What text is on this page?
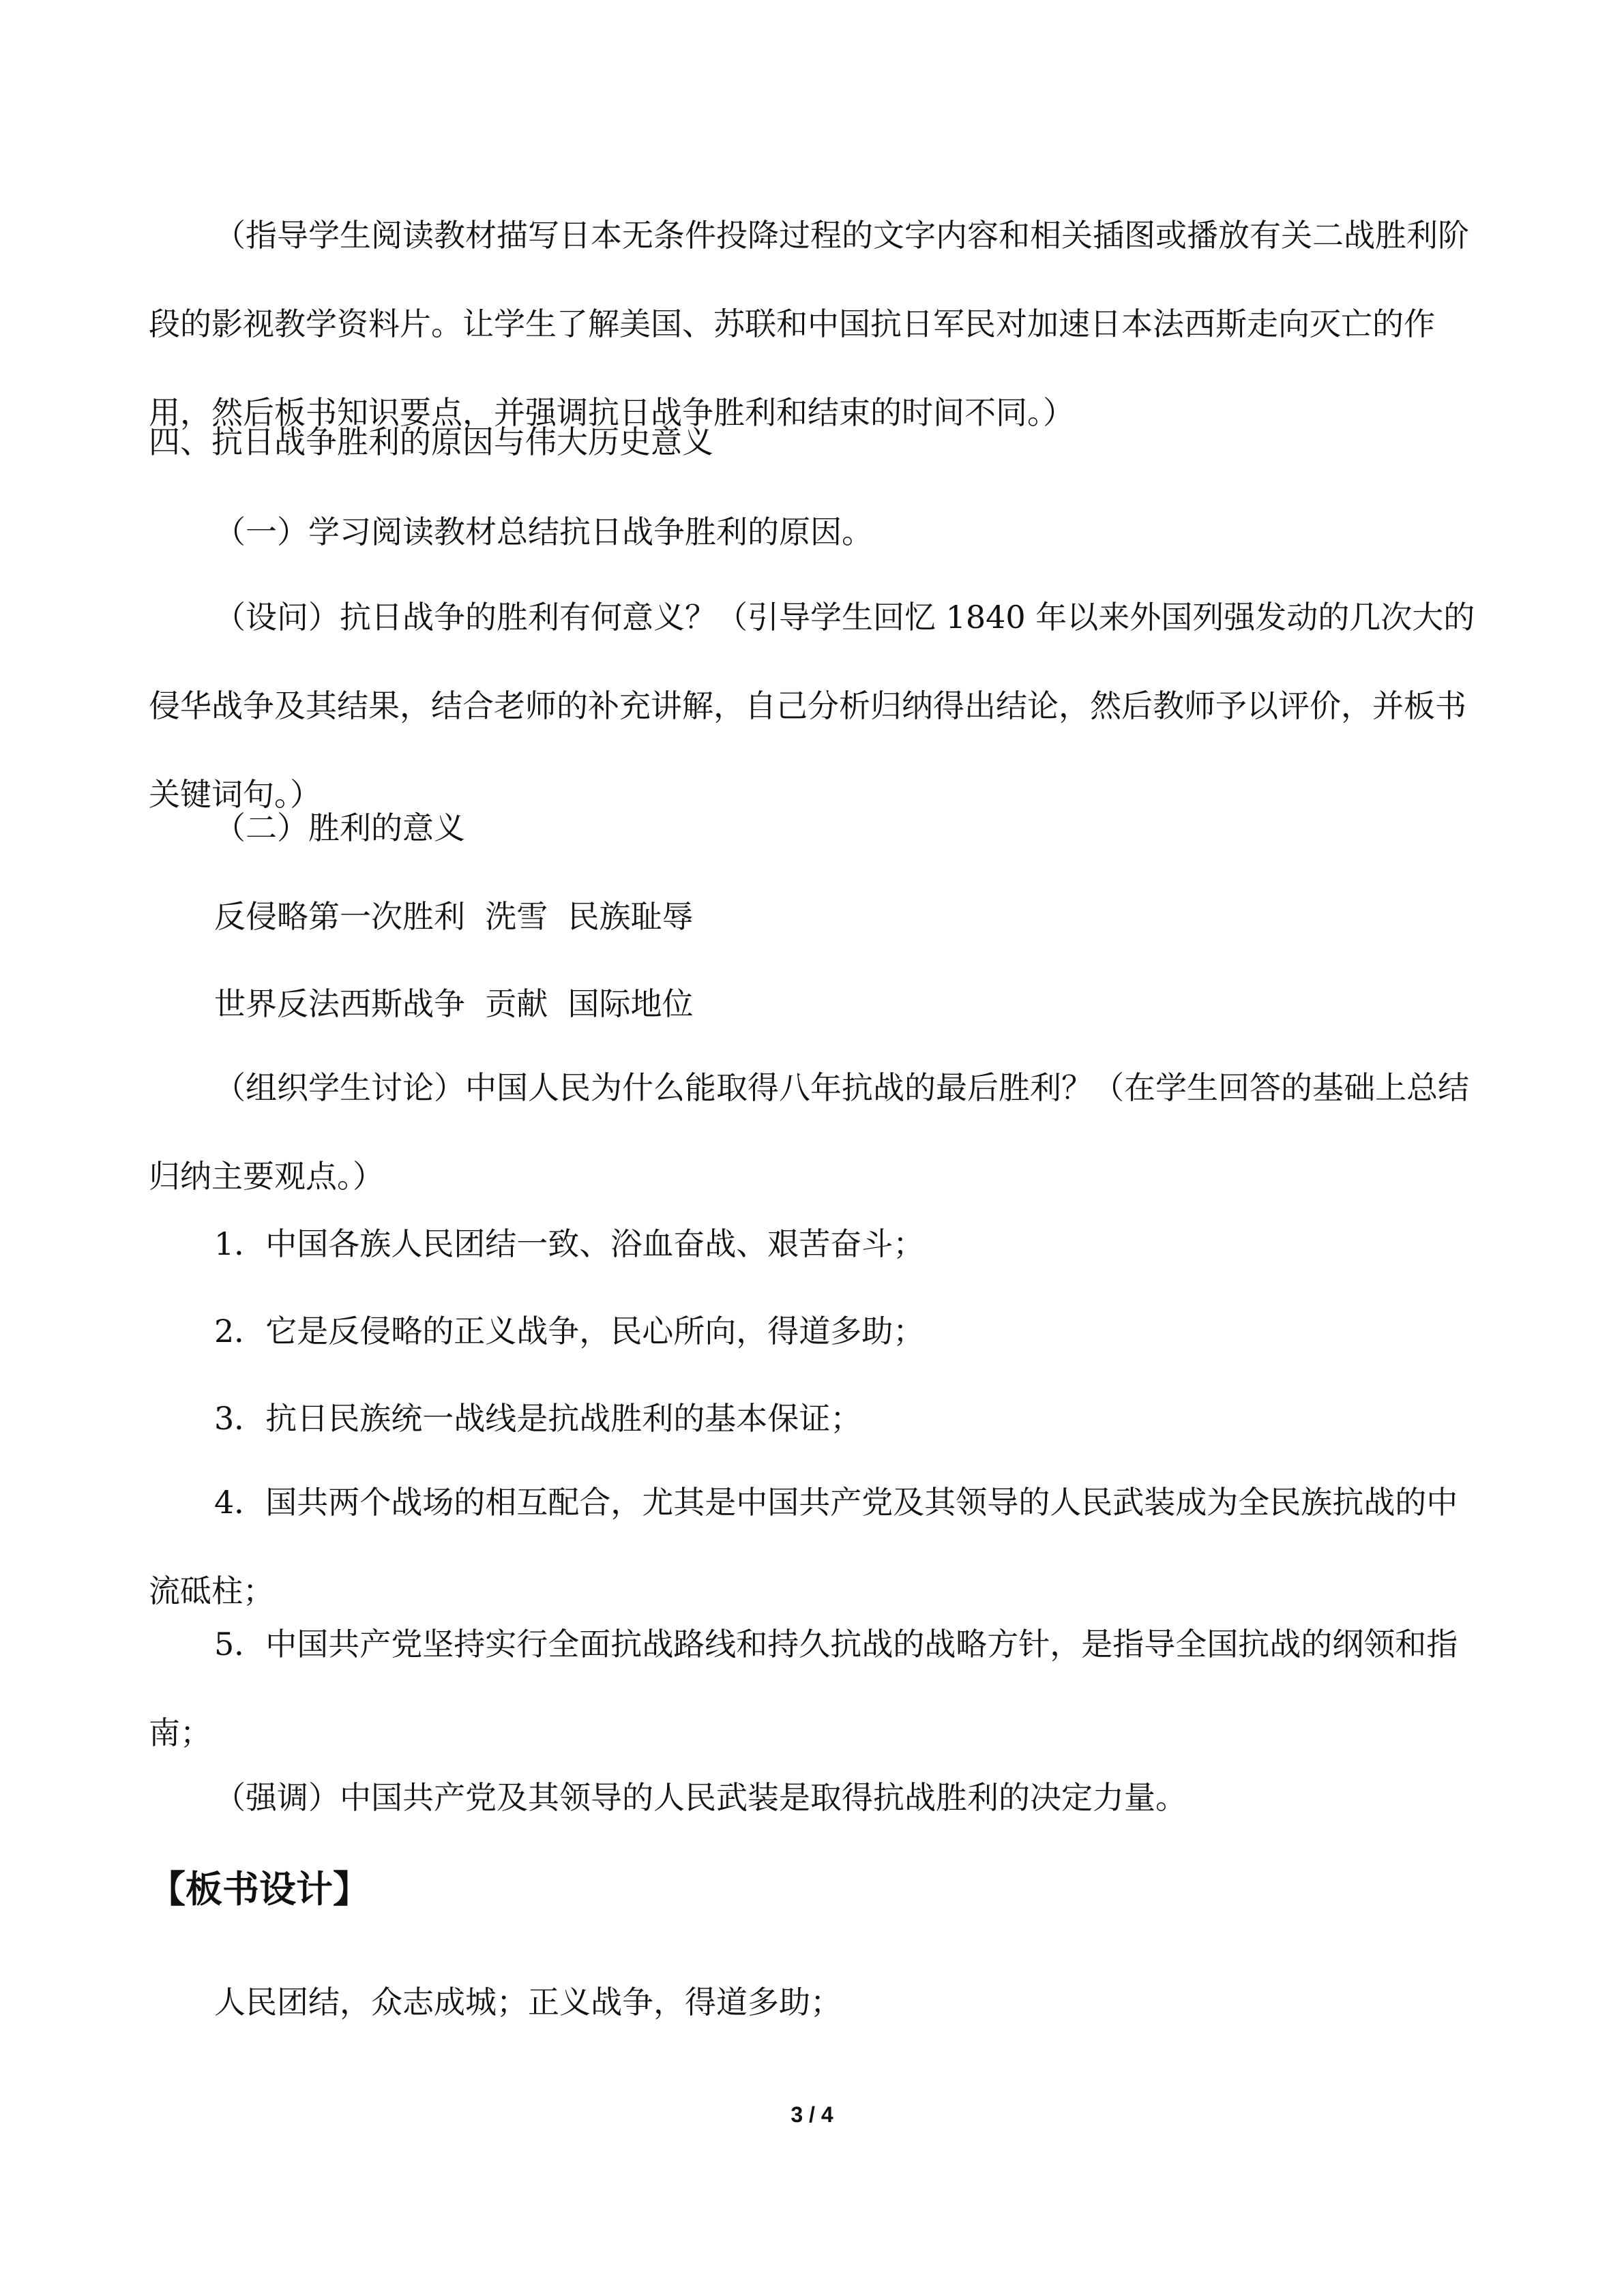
（指导学生阅读教材描写日本无条件投降过程的文字内容和相关插图或播放有关二战胜利阶段的影视教学资料片。让学生了解美国、苏联和中国抗日军民对加速日本法西斯走向灭亡的作用，然后板书知识要点，并强调抗日战争胜利和结束的时间不同。）

四、抗日战争胜利的原因与伟大历史意义

（一）学习阅读教材总结抗日战争胜利的原因。

（设问）抗日战争的胜利有何意义？（引导学生回忆 1840 年以来外国列强发动的几次大的侵华战争及其结果，结合老师的补充讲解，自己分析归纳得出结论，然后教师予以评价，并板书关键词句。）

（二）胜利的意义

反侵略第一次胜利  洗雪  民族耻辱

世界反法西斯战争  贡献  国际地位

（组织学生讨论）中国人民为什么能取得八年抗战的最后胜利？（在学生回答的基础上总结归纳主要观点。）

1．中国各族人民团结一致、浴血奋战、艰苦奋斗；

2．它是反侵略的正义战争，民心所向，得道多助；

3．抗日民族统一战线是抗战胜利的基本保证；

4．国共两个战场的相互配合，尤其是中国共产党及其领导的人民武装成为全民族抗战的中流砥柱；

5．中国共产党坚持实行全面抗战路线和持久抗战的战略方针，是指导全国抗战的纲领和指南；

（强调）中国共产党及其领导的人民武装是取得抗战胜利的决定力量。

【板书设计】

人民团结，众志成城；正义战争，得道多助；

3 / 4
